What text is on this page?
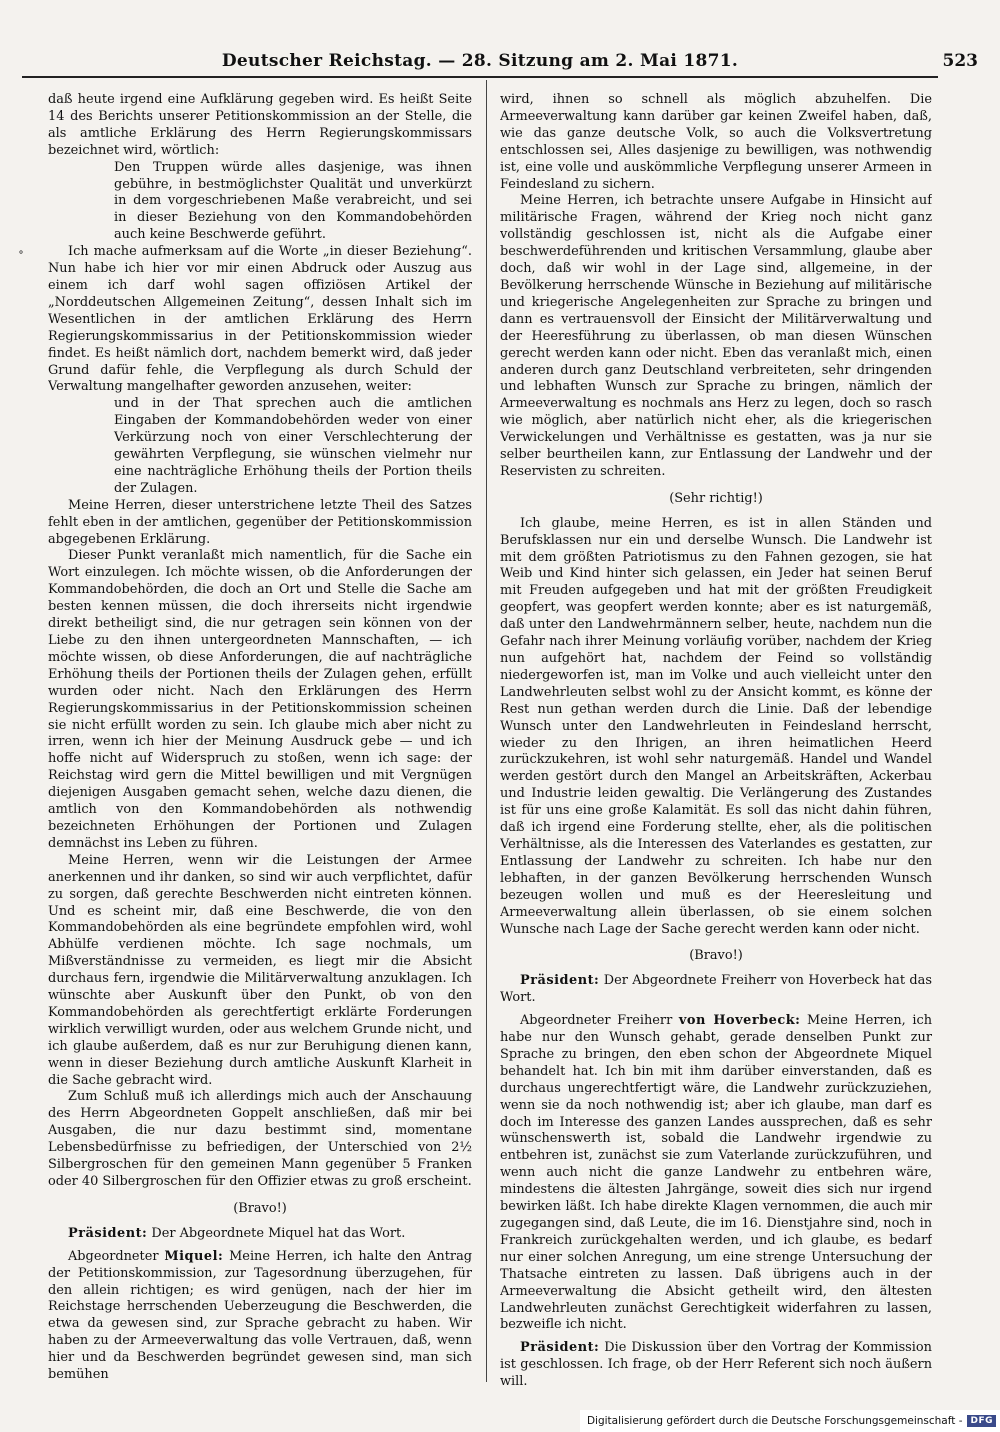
Deutscher Reichstag. — 28. Sitzung am 2. Mai 1871.	523
daß heute irgend eine Aufklärung gegeben wird. Es heißt Seite 14 des Berichts unserer Petitionskommission an der Stelle, die als amtliche Erklärung des Herrn Regierungskommissars bezeichnet wird, wörtlich:
Den Truppen würde alles dasjenige, was ihnen gebühre, in bestmöglichster Qualität und unverkürzt in dem vorgeschriebenen Maße verabreicht, und sei in dieser Beziehung von den Kommandobehörden auch keine Beschwerde geführt.
Ich mache aufmerksam auf die Worte „in dieser Beziehung“. Nun habe ich hier vor mir einen Abdruck oder Auszug aus einem ich darf wohl sagen offiziösen Artikel der „Norddeutschen Allgemeinen Zeitung“, dessen Inhalt sich im Wesentlichen in der amtlichen Erklärung des Herrn Regierungskommissarius in der Petitionskommission wieder findet. Es heißt nämlich dort, nachdem bemerkt wird, daß jeder Grund dafür fehle, die Verpflegung als durch Schuld der Verwaltung mangelhafter geworden anzusehen, weiter:
und in der That sprechen auch die amtlichen Eingaben der Kommandobehörden weder von einer Verkürzung noch von einer Verschlechterung der gewährten Verpflegung, sie wünschen vielmehr nur eine nachträgliche Erhöhung theils der Portion theils der Zulagen.
Meine Herren, dieser unterstrichene letzte Theil des Satzes fehlt eben in der amtlichen, gegenüber der Petitionskommission abgegebenen Erklärung.
Dieser Punkt veranlaßt mich namentlich, für die Sache ein Wort einzulegen. Ich möchte wissen, ob die Anforderungen der Kommandobehörden, die doch an Ort und Stelle die Sache am besten kennen müssen, die doch ihrerseits nicht irgendwie direkt betheiligt sind, die nur getragen sein können von der Liebe zu den ihnen untergeordneten Mannschaften, — ich möchte wissen, ob diese Anforderungen, die auf nachträgliche Erhöhung theils der Portionen theils der Zulagen gehen, erfüllt wurden oder nicht. Nach den Erklärungen des Herrn Regierungskommissarius in der Petitionskommission scheinen sie nicht erfüllt worden zu sein. Ich glaube mich aber nicht zu irren, wenn ich hier der Meinung Ausdruck gebe — und ich hoffe nicht auf Widerspruch zu stoßen, wenn ich sage: der Reichstag wird gern die Mittel bewilligen und mit Vergnügen diejenigen Ausgaben gemacht sehen, welche dazu dienen, die amtlich von den Kommandobehörden als nothwendig bezeichneten Erhöhungen der Portionen und Zulagen demnächst ins Leben zu führen.
Meine Herren, wenn wir die Leistungen der Armee anerkennen und ihr danken, so sind wir auch verpflichtet, dafür zu sorgen, daß gerechte Beschwerden nicht eintreten können. Und es scheint mir, daß eine Beschwerde, die von den Kommandobehörden als eine begründete empfohlen wird, wohl Abhülfe verdienen möchte. Ich sage nochmals, um Mißverständnisse zu vermeiden, es liegt mir die Absicht durchaus fern, irgendwie die Militärverwaltung anzuklagen. Ich wünschte aber Auskunft über den Punkt, ob von den Kommandobehörden als gerechtfertigt erklärte Forderungen wirklich verwilligt wurden, oder aus welchem Grunde nicht, und ich glaube außerdem, daß es nur zur Beruhigung dienen kann, wenn in dieser Beziehung durch amtliche Auskunft Klarheit in die Sache gebracht wird.
Zum Schluß muß ich allerdings mich auch der Anschauung des Herrn Abgeordneten Goppelt anschließen, daß mir bei Ausgaben, die nur dazu bestimmt sind, momentane Lebensbedürfnisse zu befriedigen, der Unterschied von 2½ Silbergroschen für den gemeinen Mann gegenüber 5 Franken oder 40 Silbergroschen für den Offizier etwas zu groß erscheint.
(Bravo!)
Präsident: Der Abgeordnete Miquel hat das Wort.
Abgeordneter Miquel: Meine Herren, ich halte den Antrag der Petitionskommission, zur Tagesordnung überzugehen, für den allein richtigen; es wird genügen, nach der hier im Reichstage herrschenden Ueberzeugung die Beschwerden, die etwa da gewesen sind, zur Sprache gebracht zu haben. Wir haben zu der Armeeverwaltung das volle Vertrauen, daß, wenn hier und da Beschwerden begründet gewesen sind, man sich bemühen
wird, ihnen so schnell als möglich abzuhelfen. Die Armeeverwaltung kann darüber gar keinen Zweifel haben, daß, wie das ganze deutsche Volk, so auch die Volksvertretung entschlossen sei, Alles dasjenige zu bewilligen, was nothwendig ist, eine volle und auskömmliche Verpflegung unserer Armeen in Feindesland zu sichern.
Meine Herren, ich betrachte unsere Aufgabe in Hinsicht auf militärische Fragen, während der Krieg noch nicht ganz vollständig geschlossen ist, nicht als die Aufgabe einer beschwerdeführenden und kritischen Versammlung, glaube aber doch, daß wir wohl in der Lage sind, allgemeine, in der Bevölkerung herrschende Wünsche in Beziehung auf militärische und kriegerische Angelegenheiten zur Sprache zu bringen und dann es vertrauensvoll der Einsicht der Militärverwaltung und der Heeresführung zu überlassen, ob man diesen Wünschen gerecht werden kann oder nicht. Eben das veranlaßt mich, einen anderen durch ganz Deutschland verbreiteten, sehr dringenden und lebhaften Wunsch zur Sprache zu bringen, nämlich der Armeeverwaltung es nochmals ans Herz zu legen, doch so rasch wie möglich, aber natürlich nicht eher, als die kriegerischen Verwickelungen und Verhältnisse es gestatten, was ja nur sie selber beurtheilen kann, zur Entlassung der Landwehr und der Reservisten zu schreiten.
(Sehr richtig!)
Ich glaube, meine Herren, es ist in allen Ständen und Berufsklassen nur ein und derselbe Wunsch. Die Landwehr ist mit dem größten Patriotismus zu den Fahnen gezogen, sie hat Weib und Kind hinter sich gelassen, ein Jeder hat seinen Beruf mit Freuden aufgegeben und hat mit der größten Freudigkeit geopfert, was geopfert werden konnte; aber es ist naturgemäß, daß unter den Landwehrmännern selber, heute, nachdem nun die Gefahr nach ihrer Meinung vorläufig vorüber, nachdem der Krieg nun aufgehört hat, nachdem der Feind so vollständig niedergeworfen ist, man im Volke und auch vielleicht unter den Landwehrleuten selbst wohl zu der Ansicht kommt, es könne der Rest nun gethan werden durch die Linie. Daß der lebendige Wunsch unter den Landwehrleuten in Feindesland herrscht, wieder zu den Ihrigen, an ihren heimatlichen Heerd zurückzukehren, ist wohl sehr naturgemäß. Handel und Wandel werden gestört durch den Mangel an Arbeitskräften, Ackerbau und Industrie leiden gewaltig. Die Verlängerung des Zustandes ist für uns eine große Kalamität. Es soll das nicht dahin führen, daß ich irgend eine Forderung stellte, eher, als die politischen Verhältnisse, als die Interessen des Vaterlandes es gestatten, zur Entlassung der Landwehr zu schreiten. Ich habe nur den lebhaften, in der ganzen Bevölkerung herrschenden Wunsch bezeugen wollen und muß es der Heeresleitung und Armeeverwaltung allein überlassen, ob sie einem solchen Wunsche nach Lage der Sache gerecht werden kann oder nicht.
(Bravo!)
Präsident: Der Abgeordnete Freiherr von Hoverbeck hat das Wort.
Abgeordneter Freiherr von Hoverbeck: Meine Herren, ich habe nur den Wunsch gehabt, gerade denselben Punkt zur Sprache zu bringen, den eben schon der Abgeordnete Miquel behandelt hat. Ich bin mit ihm darüber einverstanden, daß es durchaus ungerechtfertigt wäre, die Landwehr zurückzuziehen, wenn sie da noch nothwendig ist; aber ich glaube, man darf es doch im Interesse des ganzen Landes aussprechen, daß es sehr wünschenswerth ist, sobald die Landwehr irgendwie zu entbehren ist, zunächst sie zum Vaterlande zurückzuführen, und wenn auch nicht die ganze Landwehr zu entbehren wäre, mindestens die ältesten Jahrgänge, soweit dies sich nur irgend bewirken läßt. Ich habe direkte Klagen vernommen, die auch mir zugegangen sind, daß Leute, die im 16. Dienstjahre sind, noch in Frankreich zurückgehalten werden, und ich glaube, es bedarf nur einer solchen Anregung, um eine strenge Untersuchung der Thatsache eintreten zu lassen. Daß übrigens auch in der Armeeverwaltung die Absicht getheilt wird, den ältesten Landwehrleuten zunächst Gerechtigkeit widerfahren zu lassen, bezweifle ich nicht.
Präsident: Die Diskussion über den Vortrag der Kommission ist geschlossen. Ich frage, ob der Herr Referent sich noch äußern will.
˚
Digitalisierung gefördert durch die Deutsche Forschungsgemeinschaft - DFG
